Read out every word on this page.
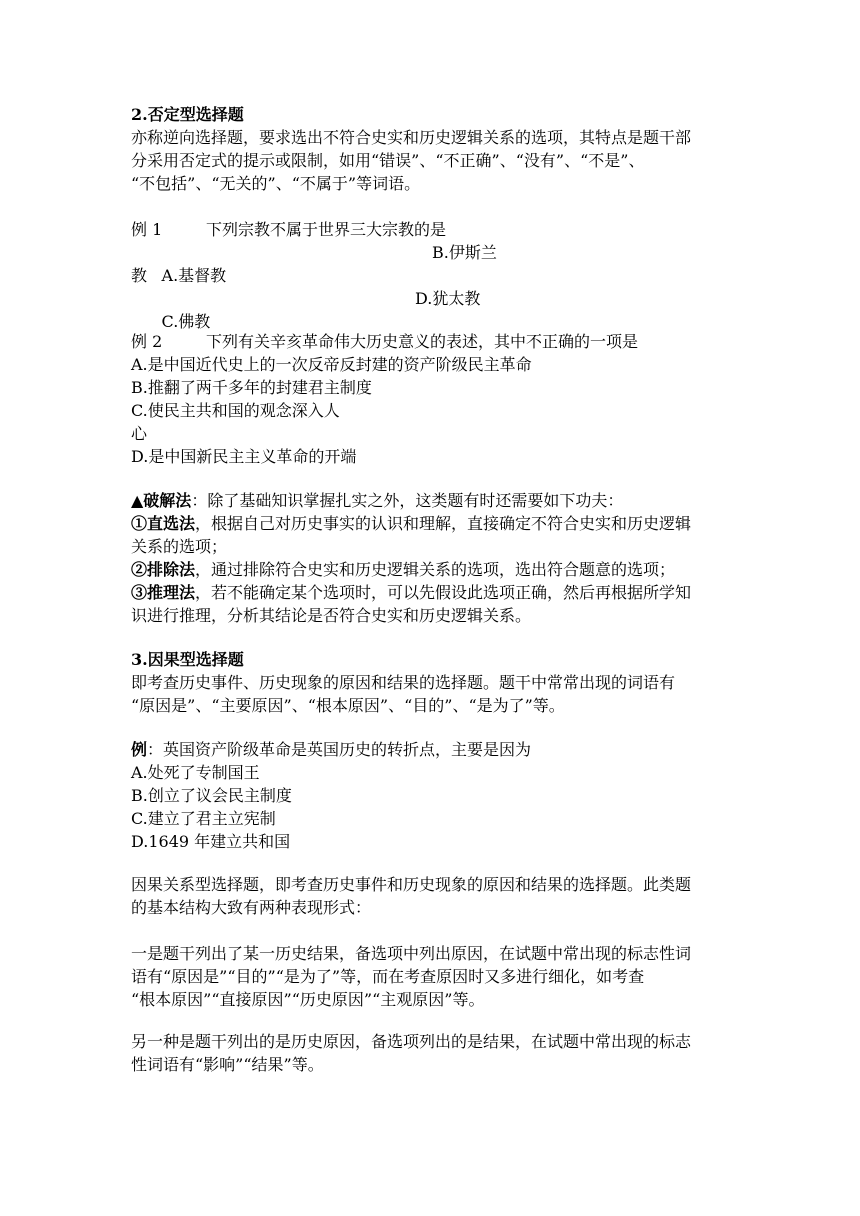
2.否定型选择题
亦称逆向选择题，要求选出不符合史实和历史逻辑关系的选项，其特点是题干部
分采用否定式的提示或限制，如用“错误”、“不正确”、“没有”、“不是”、
“不包括”、“无关的”、“不属于”等词语。
例 1	下列宗教不属于世界三大宗教的是

A.基督教

B.伊斯兰

教

C.佛教

D.犹太教

例 2	下列有关辛亥革命伟大历史意义的表述，其中不正确的一项是
A.是中国近代史上的一次反帝反封建的资产阶级民主革命
B.推翻了两千多年的封建君主制度
C.使民主共和国的观念深入人
心
D.是中国新民主主义革命的开端
▲破解法：除了基础知识掌握扎实之外，这类题有时还需要如下功夫：
①直选法，根据自己对历史事实的认识和理解，直接确定不符合史实和历史逻辑
关系的选项；
②排除法，通过排除符合史实和历史逻辑关系的选项，选出符合题意的选项；
③推理法，若不能确定某个选项时，可以先假设此选项正确，然后再根据所学知
识进行推理，分析其结论是否符合史实和历史逻辑关系。
3.因果型选择题
即考查历史事件、历史现象的原因和结果的选择题。题干中常常出现的词语有
“原因是”、“主要原因”、“根本原因”、“目的”、“是为了”等。
例：英国资产阶级革命是英国历史的转折点，主要是因为
A.处死了专制国王
B.创立了议会民主制度
C.建立了君主立宪制
D.1649 年建立共和国
因果关系型选择题，即考查历史事件和历史现象的原因和结果的选择题。此类题
的基本结构大致有两种表现形式：
一是题干列出了某一历史结果，备选项中列出原因，在试题中常出现的标志性词
语有“原因是”“目的”“是为了”等，而在考查原因时又多进行细化，如考查
“根本原因”“直接原因”“历史原因”“主观原因”等。
另一种是题干列出的是历史原因，备选项列出的是结果，在试题中常出现的标志
性词语有“影响”“结果”等。
